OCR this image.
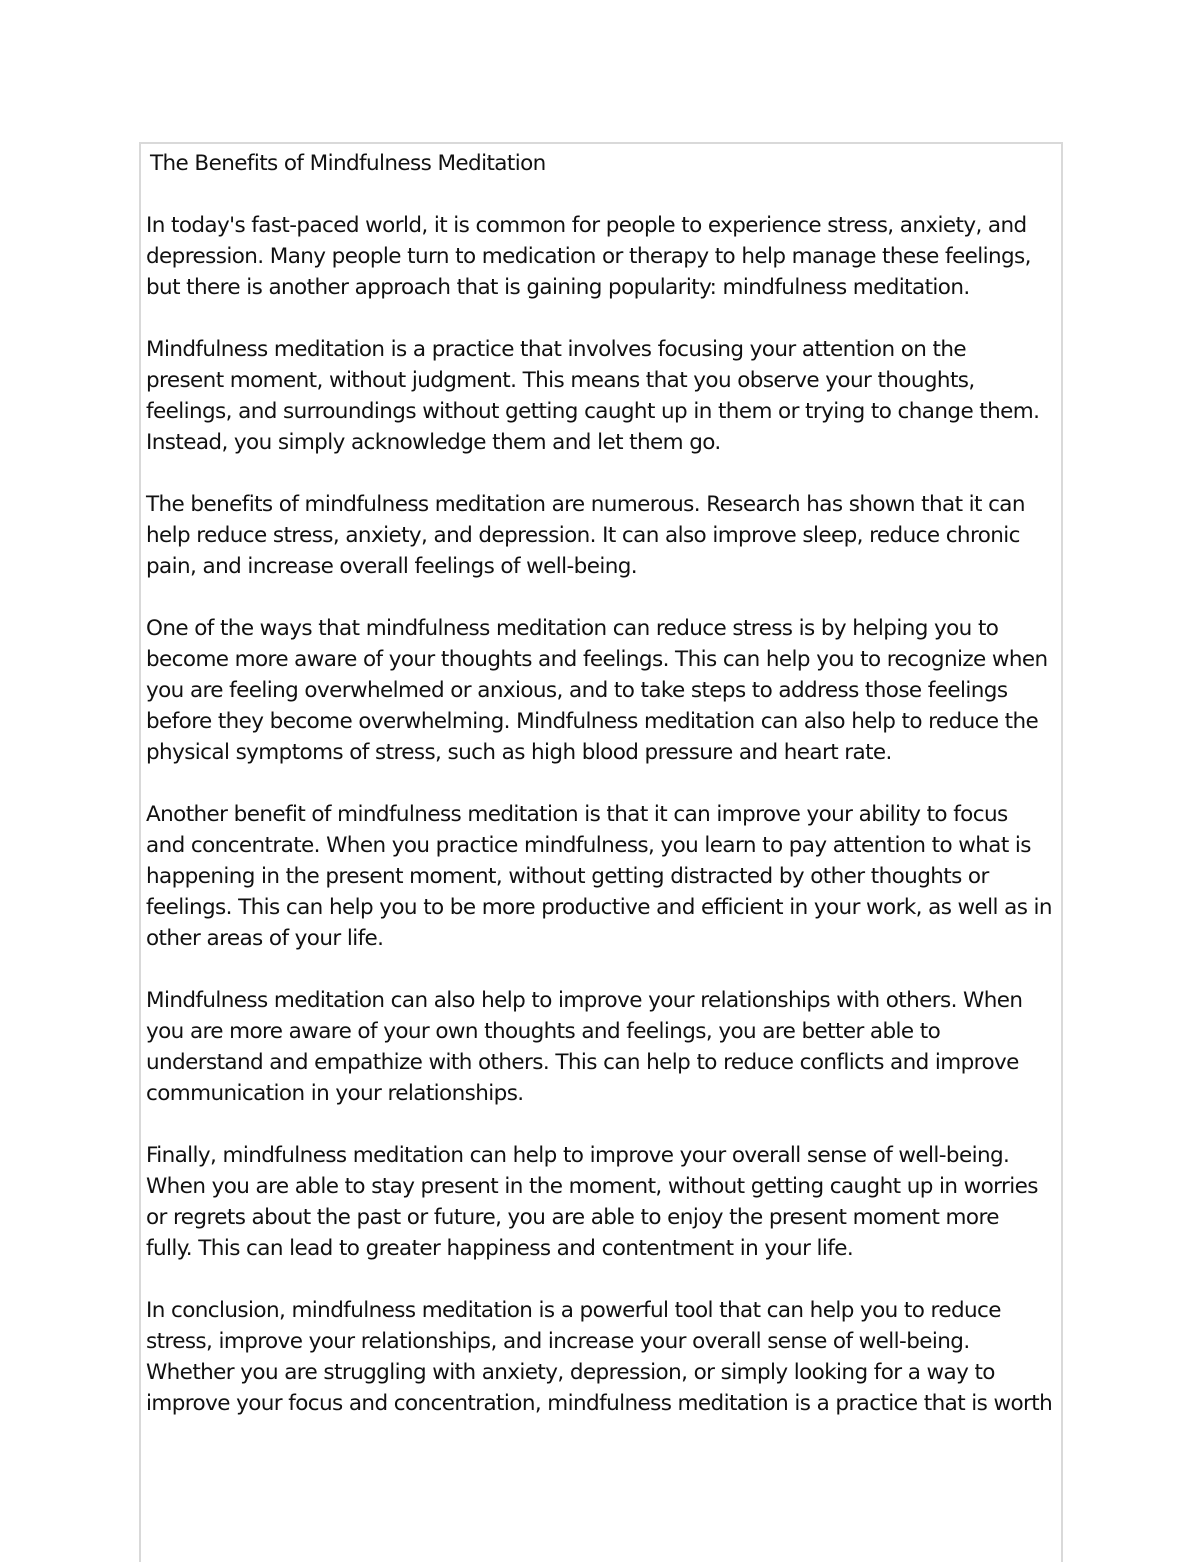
The Benefits of Mindfulness Meditation

In today's fast-paced world, it is common for people to experience stress, anxiety, and
depression. Many people turn to medication or therapy to help manage these feelings,
but there is another approach that is gaining popularity: mindfulness meditation.

Mindfulness meditation is a practice that involves focusing your attention on the
present moment, without judgment. This means that you observe your thoughts,
feelings, and surroundings without getting caught up in them or trying to change them.
Instead, you simply acknowledge them and let them go.

The benefits of mindfulness meditation are numerous. Research has shown that it can
help reduce stress, anxiety, and depression. It can also improve sleep, reduce chronic
pain, and increase overall feelings of well-being.

One of the ways that mindfulness meditation can reduce stress is by helping you to
become more aware of your thoughts and feelings. This can help you to recognize when
you are feeling overwhelmed or anxious, and to take steps to address those feelings
before they become overwhelming. Mindfulness meditation can also help to reduce the
physical symptoms of stress, such as high blood pressure and heart rate.

Another benefit of mindfulness meditation is that it can improve your ability to focus
and concentrate. When you practice mindfulness, you learn to pay attention to what is
happening in the present moment, without getting distracted by other thoughts or
feelings. This can help you to be more productive and efficient in your work, as well as in
other areas of your life.

Mindfulness meditation can also help to improve your relationships with others. When
you are more aware of your own thoughts and feelings, you are better able to
understand and empathize with others. This can help to reduce conflicts and improve
communication in your relationships.

Finally, mindfulness meditation can help to improve your overall sense of well-being.
When you are able to stay present in the moment, without getting caught up in worries
or regrets about the past or future, you are able to enjoy the present moment more
fully. This can lead to greater happiness and contentment in your life.

In conclusion, mindfulness meditation is a powerful tool that can help you to reduce
stress, improve your relationships, and increase your overall sense of well-being.
Whether you are struggling with anxiety, depression, or simply looking for a way to
improve your focus and concentration, mindfulness meditation is a practice that is worth
